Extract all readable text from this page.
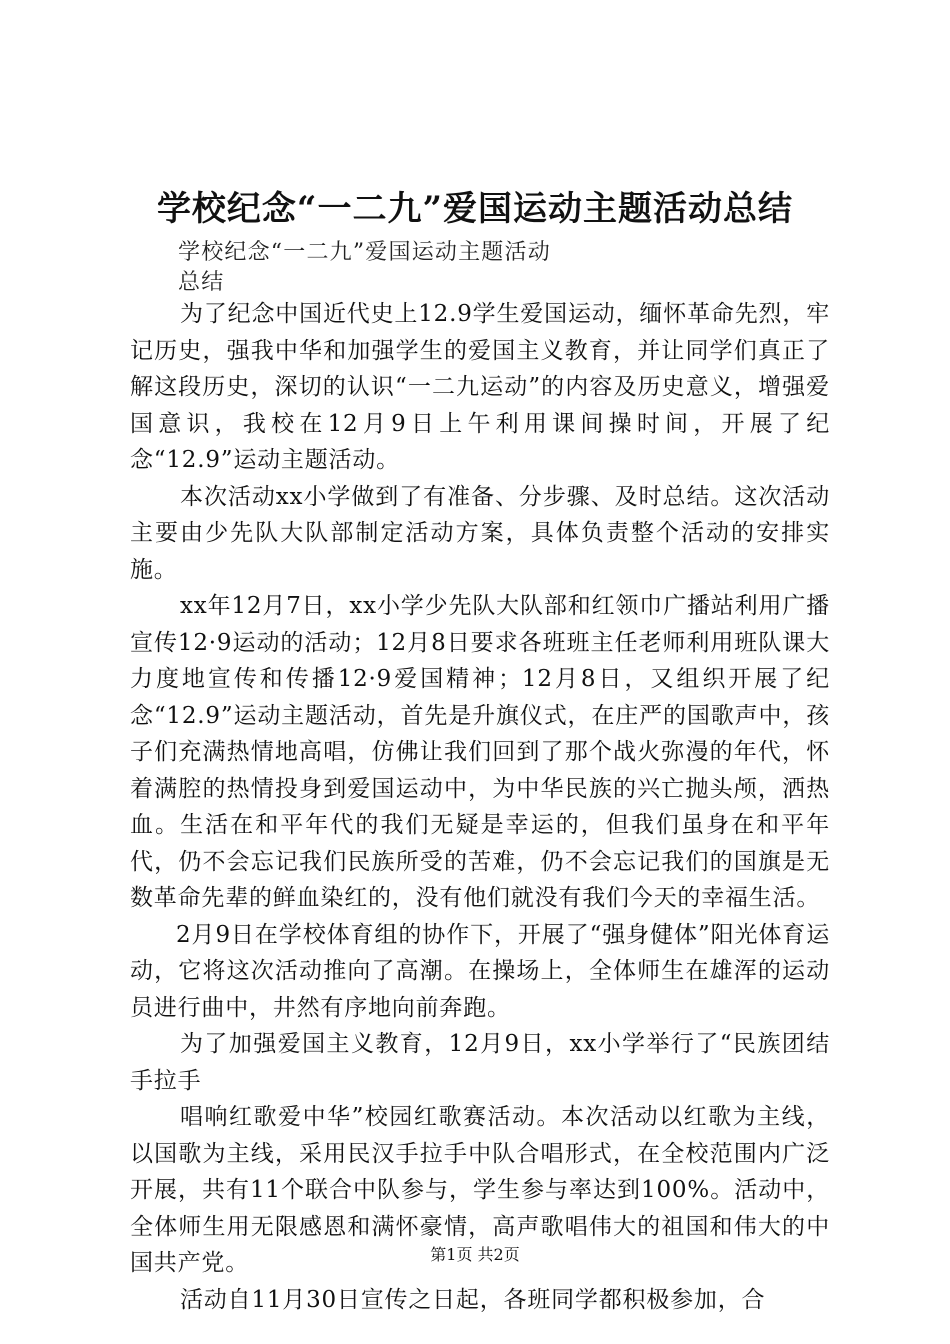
学校纪念“一二九”爱国运动主题活动总结
学校纪念“一二九”爱国运动主题活动
总结

为了纪念中国近代史上12.9学生爱国运动，缅怀革命先烈，牢记历史，强我中华和加强学生的爱国主义教育，并让同学们真正了解这段历史，深切的认识“一二九运动”的内容及历史意义，增强爱国意识，我校在12月9日上午利用课间操时间，开展了纪念“12.9”运动主题活动。

本次活动xx小学做到了有准备、分步骤、及时总结。这次活动主要由少先队大队部制定活动方案，具体负责整个活动的安排实施。

xx年12月7日，xx小学少先队大队部和红领巾广播站利用广播宣传12·9运动的活动；12月8日要求各班班主任老师利用班队课大力度地宣传和传播12·9爱国精神；12月8日，又组织开展了纪念“12.9”运动主题活动，首先是升旗仪式，在庄严的国歌声中，孩子们充满热情地高唱，仿佛让我们回到了那个战火弥漫的年代，怀着满腔的热情投身到爱国运动中，为中华民族的兴亡抛头颅，洒热血。生活在和平年代的我们无疑是幸运的，但我们虽身在和平年代，仍不会忘记我们民族所受的苦难，仍不会忘记我们的国旗是无数革命先辈的鲜血染红的，没有他们就没有我们今天的幸福生活。

2月9日在学校体育组的协作下，开展了“强身健体”阳光体育运动，它将这次活动推向了高潮。在操场上，全体师生在雄浑的运动员进行曲中，井然有序地向前奔跑。

为了加强爱国主义教育，12月9日，xx小学举行了“民族团结手拉手

唱响红歌爱中华”校园红歌赛活动。本次活动以红歌为主线，以国歌为主线，采用民汉手拉手中队合唱形式，在全校范围内广泛开展，共有11个联合中队参与，学生参与率达到100%。活动中，全体师生用无限感恩和满怀豪情，高声歌唱伟大的祖国和伟大的中国共产党。

活动自11月30日宣传之日起，各班同学都积极参加，合

第1页 共2页
